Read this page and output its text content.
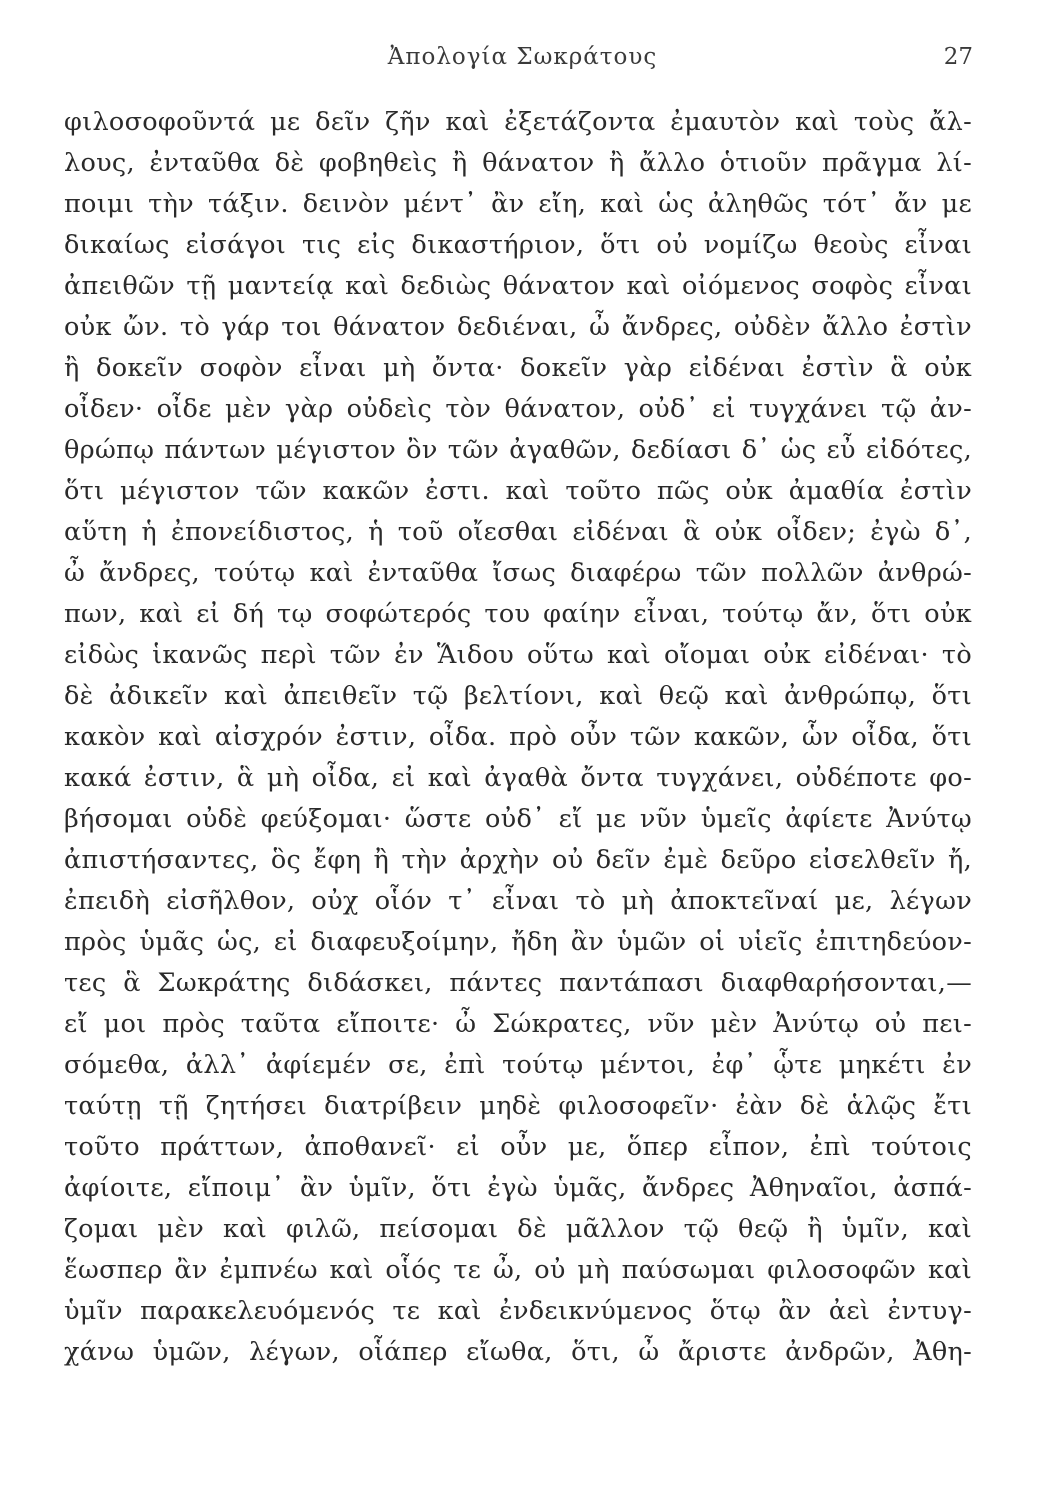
Ἀπολογία Σωκράτους	27
φιλοσοφοῦντά με δεῖν ζῆν καὶ ἐξετάζοντα ἐμαυτὸν καὶ τοὺς ἄλ-
λους, ἐνταῦθα δὲ φοβηθεὶς ἢ θάνατον ἢ ἄλλο ὁτιοῦν πρᾶγμα λί-
ποιμι τὴν τάξιν. δεινὸν μέντ᾽ ἂν εἴη, καὶ ὡς ἀληθῶς τότ᾽ ἄν με
δικαίως εἰσάγοι τις εἰς δικαστήριον, ὅτι οὐ νομίζω θεοὺς εἶναι
ἀπειθῶν τῇ μαντείᾳ καὶ δεδιὼς θάνατον καὶ οἰόμενος σοφὸς εἶναι
οὐκ ὤν. τὸ γάρ τοι θάνατον δεδιέναι, ὦ ἄνδρες, οὐδὲν ἄλλο ἐστὶν
ἢ δοκεῖν σοφὸν εἶναι μὴ ὄντα· δοκεῖν γὰρ εἰδέναι ἐστὶν ἃ οὐκ
οἶδεν· οἶδε μὲν γὰρ οὐδεὶς τὸν θάνατον, οὐδ᾽ εἰ τυγχάνει τῷ ἀν-
θρώπῳ πάντων μέγιστον ὂν τῶν ἀγαθῶν, δεδίασι δ᾽ ὡς εὖ εἰδότες,
ὅτι μέγιστον τῶν κακῶν ἐστι. καὶ τοῦτο πῶς οὐκ ἀμαθία ἐστὶν
αὕτη ἡ ἐπονείδιστος, ἡ τοῦ οἴεσθαι εἰδέναι ἃ οὐκ οἶδεν; ἐγὼ δ᾽,
ὦ ἄνδρες, τούτῳ καὶ ἐνταῦθα ἴσως διαφέρω τῶν πολλῶν ἀνθρώ-
πων, καὶ εἰ δή τῳ σοφώτερός του φαίην εἶναι, τούτῳ ἄν, ὅτι οὐκ
εἰδὼς ἱκανῶς περὶ τῶν ἐν Ἅιδου οὕτω καὶ οἴομαι οὐκ εἰδέναι· τὸ
δὲ ἀδικεῖν καὶ ἀπειθεῖν τῷ βελτίονι, καὶ θεῷ καὶ ἀνθρώπῳ, ὅτι
κακὸν καὶ αἰσχρόν ἐστιν, οἶδα. πρὸ οὖν τῶν κακῶν, ὧν οἶδα, ὅτι
κακά ἐστιν, ἃ μὴ οἶδα, εἰ καὶ ἀγαθὰ ὄντα τυγχάνει, οὐδέποτε φο-
βήσομαι οὐδὲ φεύξομαι· ὥστε οὐδ᾽ εἴ με νῦν ὑμεῖς ἀφίετε Ἀνύτῳ
ἀπιστήσαντες, ὃς ἔφη ἢ τὴν ἀρχὴν οὐ δεῖν ἐμὲ δεῦρο εἰσελθεῖν ἤ,
ἐπειδὴ εἰσῆλθον, οὐχ οἷόν τ᾽ εἶναι τὸ μὴ ἀποκτεῖναί με, λέγων
πρὸς ὑμᾶς ὡς, εἰ διαφευξοίμην, ἤδη ἂν ὑμῶν οἱ υἱεῖς ἐπιτηδεύον-
τες ἃ Σωκράτης διδάσκει, πάντες παντάπασι διαφθαρήσονται,—
εἴ μοι πρὸς ταῦτα εἴποιτε· ὦ Σώκρατες, νῦν μὲν Ἀνύτῳ οὐ πει-
σόμεθα, ἀλλ᾽ ἀφίεμέν σε, ἐπὶ τούτῳ μέντοι, ἐφ᾽ ᾧτε μηκέτι ἐν
ταύτῃ τῇ ζητήσει διατρίβειν μηδὲ φιλοσοφεῖν· ἐὰν δὲ ἁλῷς ἔτι
τοῦτο πράττων, ἀποθανεῖ· εἰ οὖν με, ὅπερ εἶπον, ἐπὶ τούτοις
ἀφίοιτε, εἴποιμ᾽ ἂν ὑμῖν, ὅτι ἐγὼ ὑμᾶς, ἄνδρες Ἀθηναῖοι, ἀσπά-
ζομαι μὲν καὶ φιλῶ, πείσομαι δὲ μᾶλλον τῷ θεῷ ἢ ὑμῖν, καὶ
ἕωσπερ ἂν ἐμπνέω καὶ οἷός τε ὦ, οὐ μὴ παύσωμαι φιλοσοφῶν καὶ
ὑμῖν παρακελευόμενός τε καὶ ἐνδεικνύμενος ὅτῳ ἂν ἀεὶ ἐντυγ-
χάνω ὑμῶν, λέγων, οἷάπερ εἴωθα, ὅτι, ὦ ἄριστε ἀνδρῶν, Ἀθη-
